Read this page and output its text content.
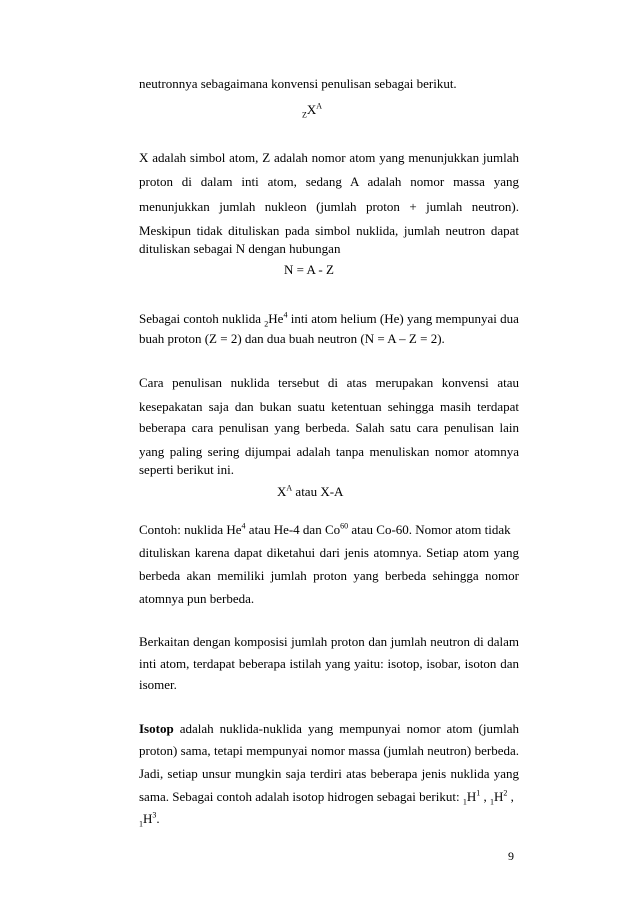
neutronnya sebagaimana konvensi penulisan sebagai berikut.
$_ZX^A$
X adalah simbol atom, Z adalah nomor atom yang menunjukkan jumlah
proton di dalam inti atom, sedang A adalah nomor massa yang
menunjukkan jumlah nukleon (jumlah proton + jumlah neutron).
Meskipun tidak dituliskan pada simbol nuklida, jumlah neutron dapat
dituliskan sebagai N dengan hubungan
N = A - Z
Sebagai contoh nuklida $_2He^4$ inti atom helium (He) yang mempunyai dua
buah proton (Z = 2) dan dua buah neutron (N = A – Z = 2).
Cara penulisan nuklida tersebut di atas merupakan konvensi atau
kesepakatan saja dan bukan suatu ketentuan sehingga masih terdapat
beberapa cara penulisan yang berbeda. Salah satu cara penulisan lain
yang paling sering dijumpai adalah tanpa menuliskan nomor atomnya
seperti berikut ini.
$X^A$ atau X-A
Contoh: nuklida He$^4$ atau He-4 dan Co$^{60}$ atau Co-60. Nomor atom tidak
dituliskan karena dapat diketahui dari jenis atomnya. Setiap atom yang
berbeda akan memiliki jumlah proton yang berbeda sehingga nomor
atomnya pun berbeda.
Berkaitan dengan komposisi jumlah proton dan jumlah neutron di dalam
inti atom, terdapat beberapa istilah yang yaitu: isotop, isobar, isoton dan
isomer.
Isotop adalah nuklida-nuklida yang mempunyai nomor atom (jumlah
proton) sama, tetapi mempunyai nomor massa (jumlah neutron) berbeda.
Jadi, setiap unsur mungkin saja terdiri atas beberapa jenis nuklida yang
sama. Sebagai contoh adalah isotop hidrogen sebagai berikut: $_1H^1$ , $_1H^2$ ,
$_1H^3$.
9
